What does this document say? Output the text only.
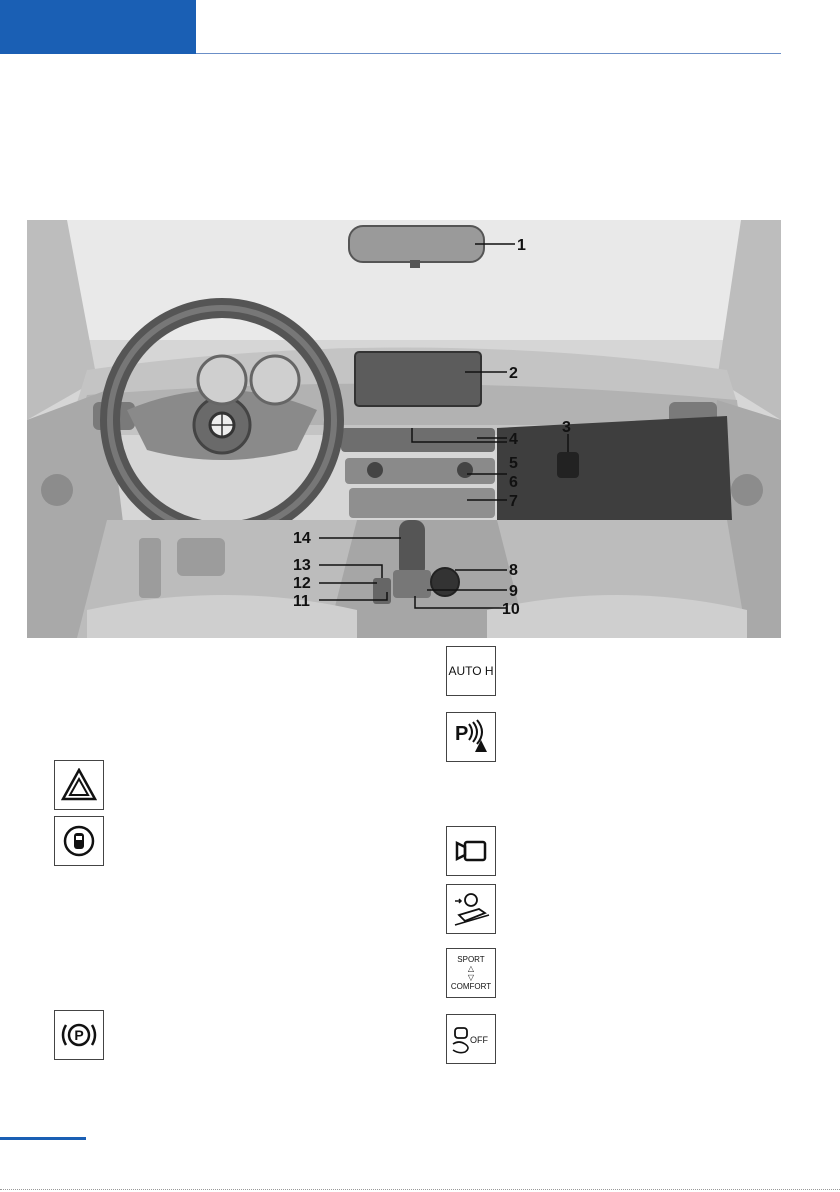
1
2
3
4
5
6
7
8
9
10
11
12
13
14
P
AUTO H
P
SPORT
△
▽
COMFORT
OFF
